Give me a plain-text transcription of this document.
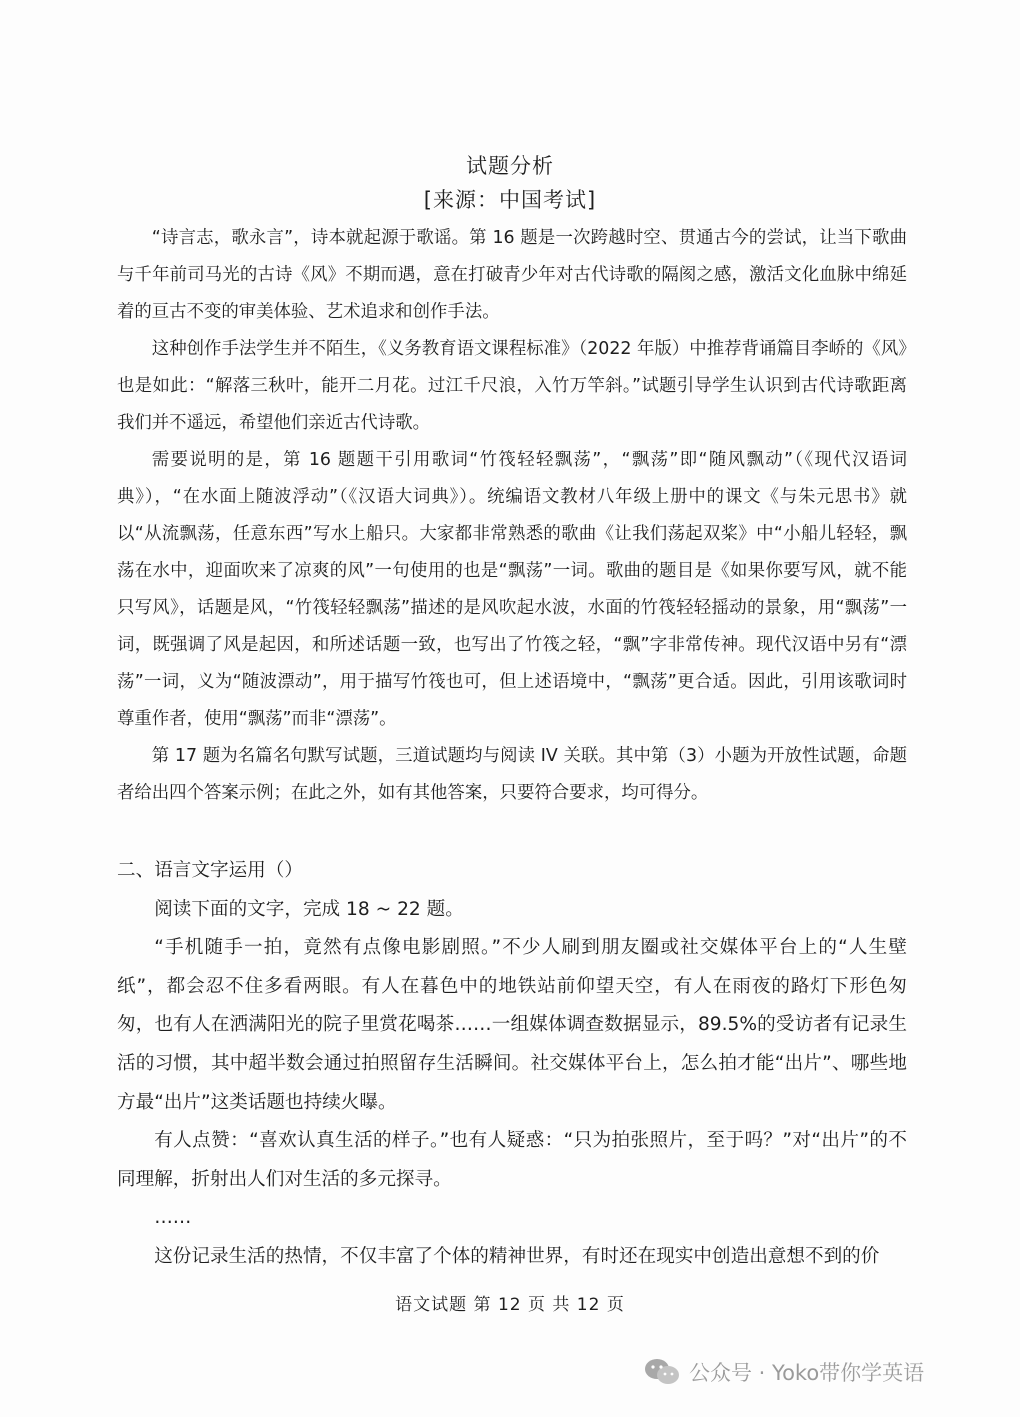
试题分析
[来源：中国考试]

“诗言志，歌永言”，诗本就起源于歌谣。第 16 题是一次跨越时空、贯通古今的尝试，让当下歌曲与千年前司马光的古诗《风》不期而遇，意在打破青少年对古代诗歌的隔阂之感，激活文化血脉中绵延着的亘古不变的审美体验、艺术追求和创作手法。

这种创作手法学生并不陌生，《义务教育语文课程标准》（2022 年版）中推荐背诵篇目李峤的《风》也是如此：“解落三秋叶，能开二月花。过江千尺浪，入竹万竿斜。”试题引导学生认识到古代诗歌距离我们并不遥远，希望他们亲近古代诗歌。

需要说明的是，第 16 题题干引用歌词“竹筏轻轻飘荡”，“飘荡”即“随风飘动”（《现代汉语词典》），“在水面上随波浮动”（《汉语大词典》）。统编语文教材八年级上册中的课文《与朱元思书》就以“从流飘荡，任意东西”写水上船只。大家都非常熟悉的歌曲《让我们荡起双桨》中“小船儿轻轻，飘荡在水中，迎面吹来了凉爽的风”一句使用的也是“飘荡”一词。歌曲的题目是《如果你要写风，就不能只写风》，话题是风，“竹筏轻轻飘荡”描述的是风吹起水波，水面的竹筏轻轻摇动的景象，用“飘荡”一词，既强调了风是起因，和所述话题一致，也写出了竹筏之轻，“飘”字非常传神。现代汉语中另有“漂荡”一词，义为“随波漂动”，用于描写竹筏也可，但上述语境中，“飘荡”更合适。因此，引用该歌词时尊重作者，使用“飘荡”而非“漂荡”。

第 17 题为名篇名句默写试题，三道试题均与阅读 IV 关联。其中第（3）小题为开放性试题，命题者给出四个答案示例；在此之外，如有其他答案，只要符合要求，均可得分。

二、语言文字运用（）

阅读下面的文字，完成 18 ~ 22 题。

“手机随手一拍，竟然有点像电影剧照。”不少人刷到朋友圈或社交媒体平台上的“人生壁纸”，都会忍不住多看两眼。有人在暮色中的地铁站前仰望天空，有人在雨夜的路灯下形色匆匆，也有人在洒满阳光的院子里赏花喝茶……一组媒体调查数据显示，89.5%的受访者有记录生活的习惯，其中超半数会通过拍照留存生活瞬间。社交媒体平台上，怎么拍才能“出片”、哪些地方最“出片”这类话题也持续火曝。

有人点赞：“喜欢认真生活的样子。”也有人疑惑：“只为拍张照片，至于吗？”对“出片”的不同理解，折射出人们对生活的多元探寻。

……

这份记录生活的热情，不仅丰富了个体的精神世界，有时还在现实中创造出意想不到的价

语文试题 第 12 页 共 12 页
公众号 · Yoko带你学英语
